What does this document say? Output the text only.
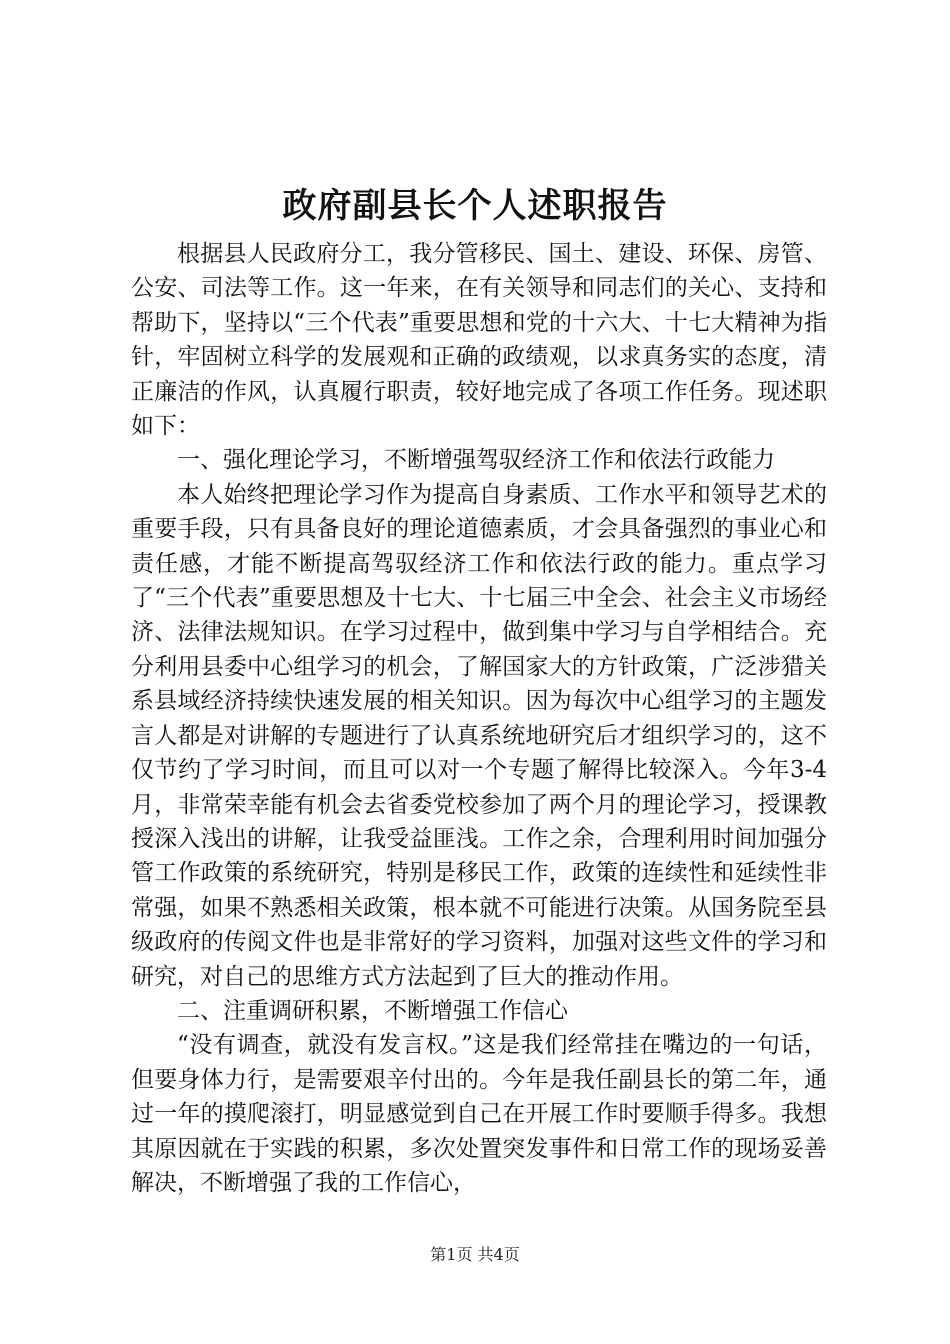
政府副县长个人述职报告

根据县人民政府分工，我分管移民、国土、建设、环保、房管、公安、司法等工作。这一年来，在有关领导和同志们的关心、支持和帮助下，坚持以“三个代表”重要思想和党的十六大、十七大精神为指针，牢固树立科学的发展观和正确的政绩观，以求真务实的态度，清正廉洁的作风，认真履行职责，较好地完成了各项工作任务。现述职如下：

一、强化理论学习，不断增强驾驭经济工作和依法行政能力

本人始终把理论学习作为提高自身素质、工作水平和领导艺术的重要手段，只有具备良好的理论道德素质，才会具备强烈的事业心和责任感，才能不断提高驾驭经济工作和依法行政的能力。重点学习了“三个代表”重要思想及十七大、十七届三中全会、社会主义市场经济、法律法规知识。在学习过程中，做到集中学习与自学相结合。充分利用县委中心组学习的机会，了解国家大的方针政策，广泛涉猎关系县域经济持续快速发展的相关知识。因为每次中心组学习的主题发言人都是对讲解的专题进行了认真系统地研究后才组织学习的，这不仅节约了学习时间，而且可以对一个专题了解得比较深入。今年3-4月，非常荣幸能有机会去省委党校参加了两个月的理论学习，授课教授深入浅出的讲解，让我受益匪浅。工作之余，合理利用时间加强分管工作政策的系统研究，特别是移民工作，政策的连续性和延续性非常强，如果不熟悉相关政策，根本就不可能进行决策。从国务院至县级政府的传阅文件也是非常好的学习资料，加强对这些文件的学习和研究，对自己的思维方式方法起到了巨大的推动作用。

二、注重调研积累，不断增强工作信心

“没有调查，就没有发言权。”这是我们经常挂在嘴边的一句话，但要身体力行，是需要艰辛付出的。今年是我任副县长的第二年，通过一年的摸爬滚打，明显感觉到自己在开展工作时要顺手得多。我想其原因就在于实践的积累，多次处置突发事件和日常工作的现场妥善解决，不断增强了我的工作信心，

第1页 共4页
